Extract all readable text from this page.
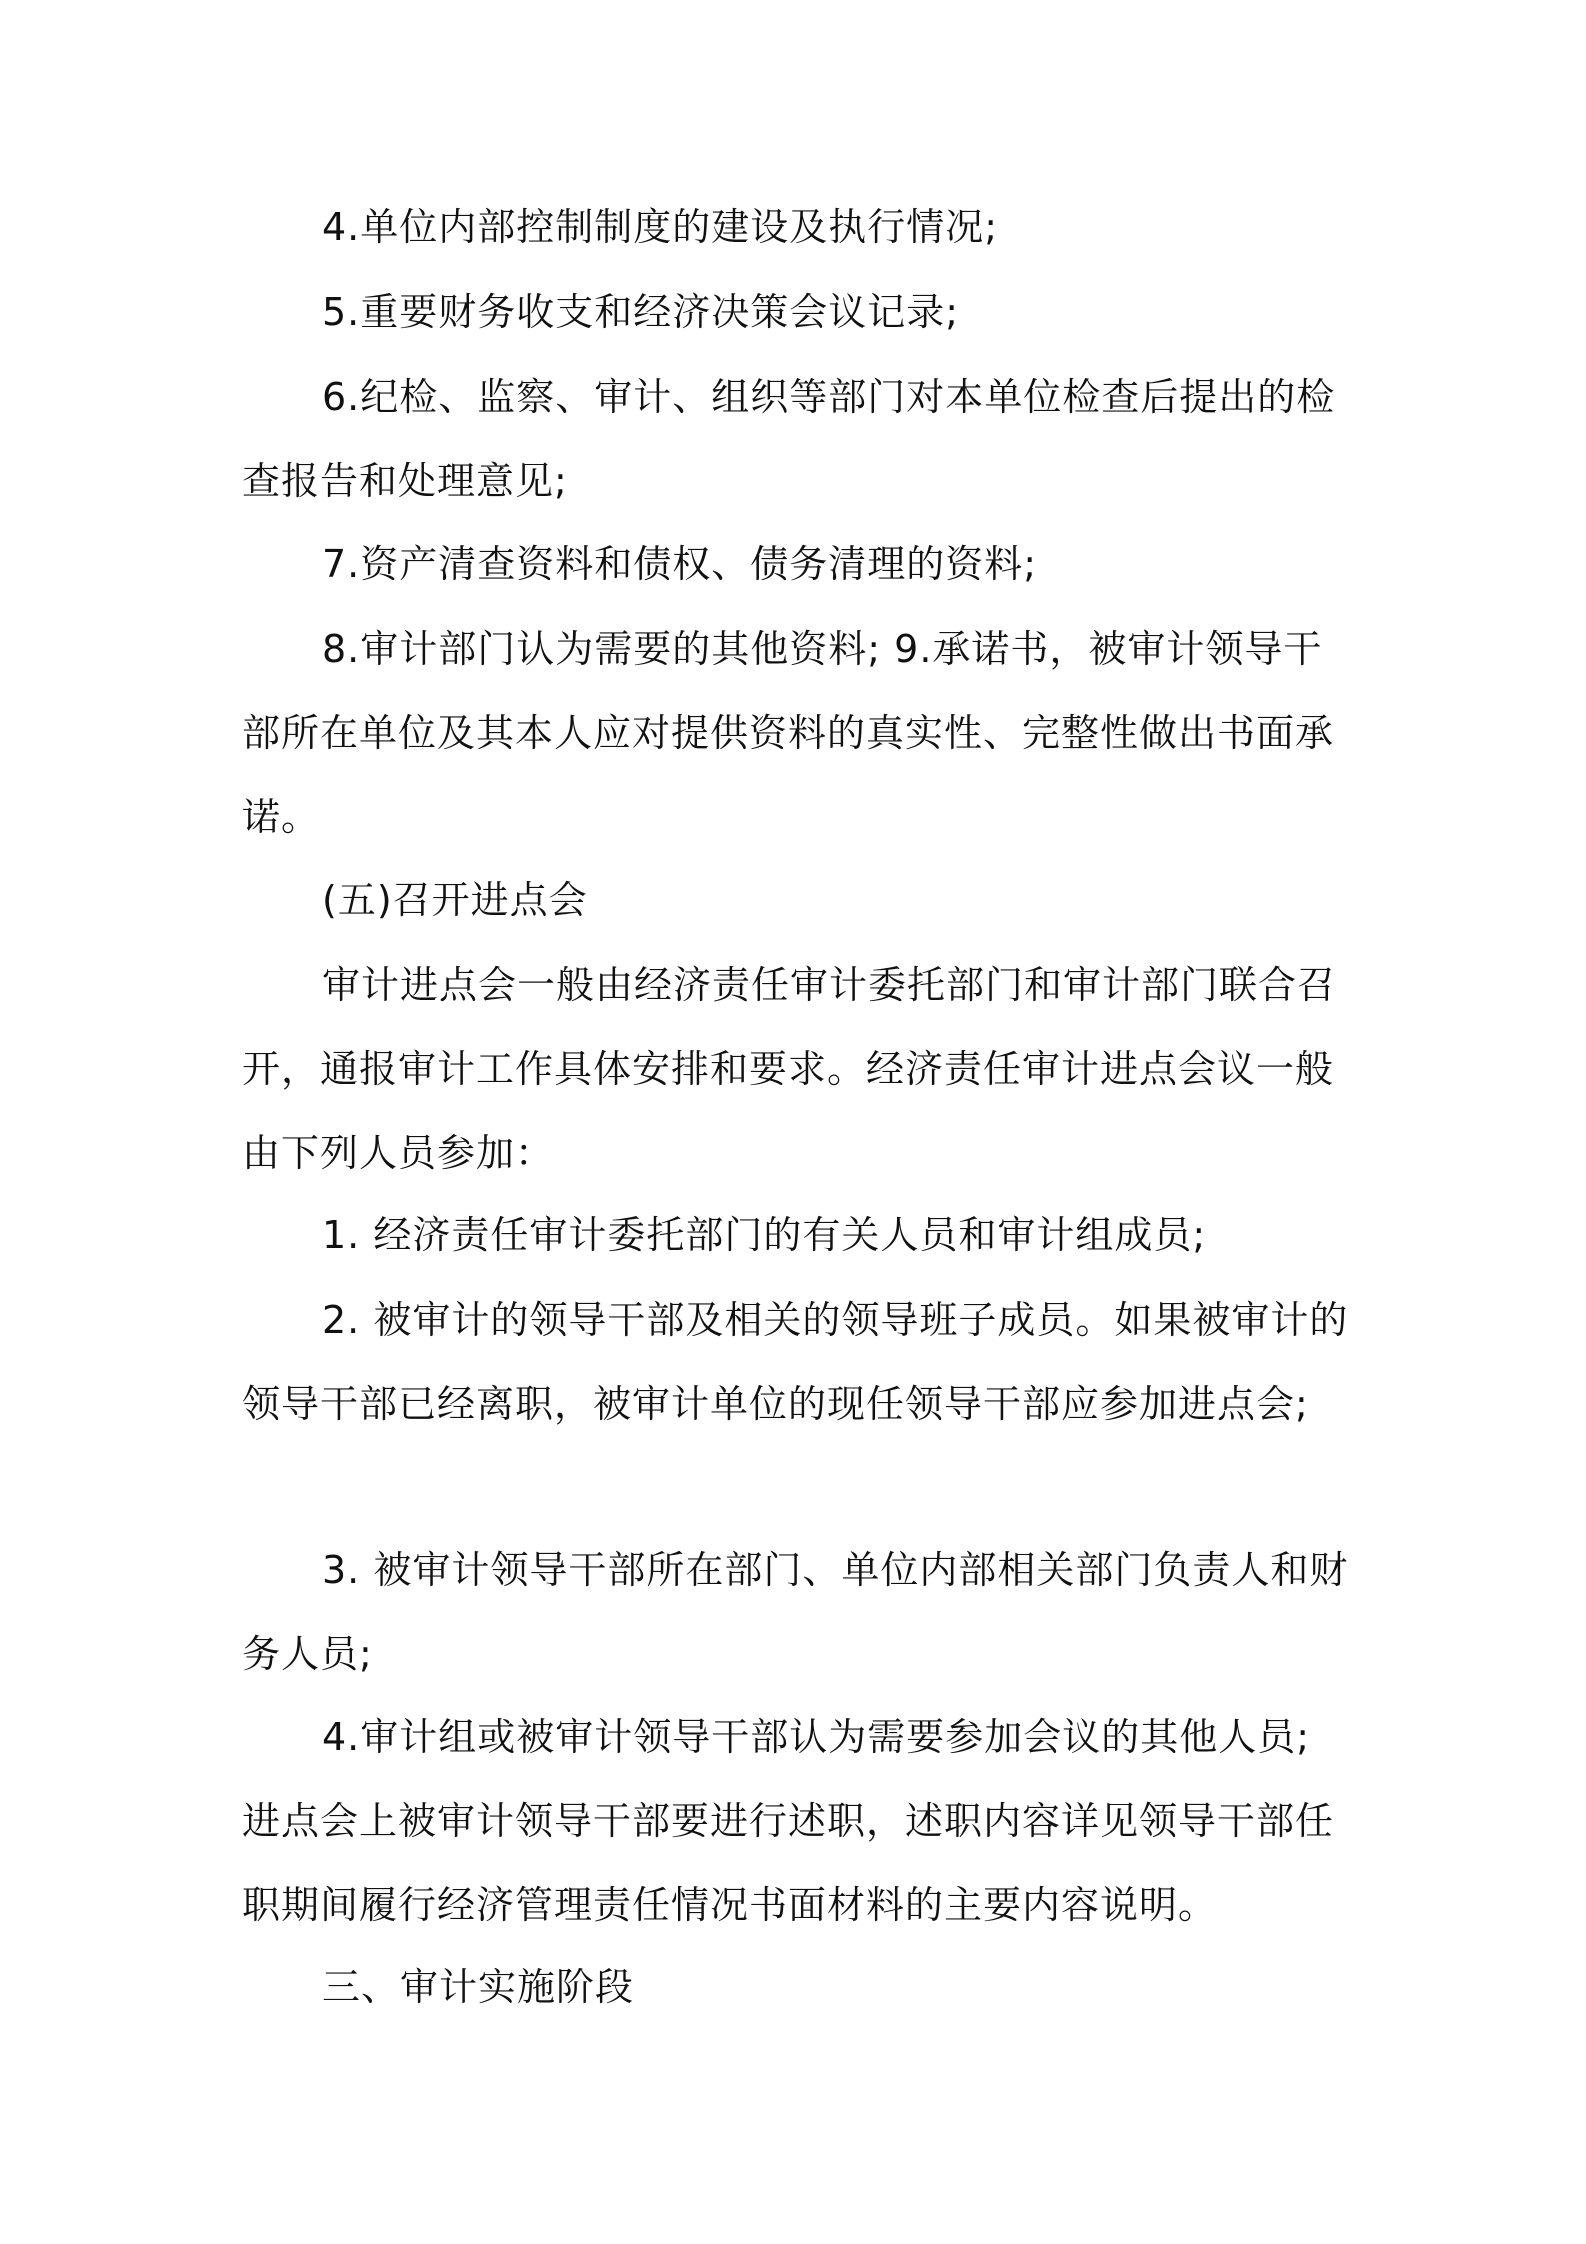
4.单位内部控制制度的建设及执行情况;

5.重要财务收支和经济决策会议记录;

6.纪检、监察、审计、组织等部门对本单位检查后提出的检查报告和处理意见;

7.资产清查资料和债权、债务清理的资料;

8.审计部门认为需要的其他资料; 9.承诺书，被审计领导干部所在单位及其本人应对提供资料的真实性、完整性做出书面承诺。

(五)召开进点会

审计进点会一般由经济责任审计委托部门和审计部门联合召开，通报审计工作具体安排和要求。经济责任审计进点会议一般由下列人员参加：

1. 经济责任审计委托部门的有关人员和审计组成员;

2. 被审计的领导干部及相关的领导班子成员。如果被审计的领导干部已经离职，被审计单位的现任领导干部应参加进点会;

3. 被审计领导干部所在部门、单位内部相关部门负责人和财务人员;

4.审计组或被审计领导干部认为需要参加会议的其他人员; 进点会上被审计领导干部要进行述职，述职内容详见领导干部任职期间履行经济管理责任情况书面材料的主要内容说明。

三、审计实施阶段
